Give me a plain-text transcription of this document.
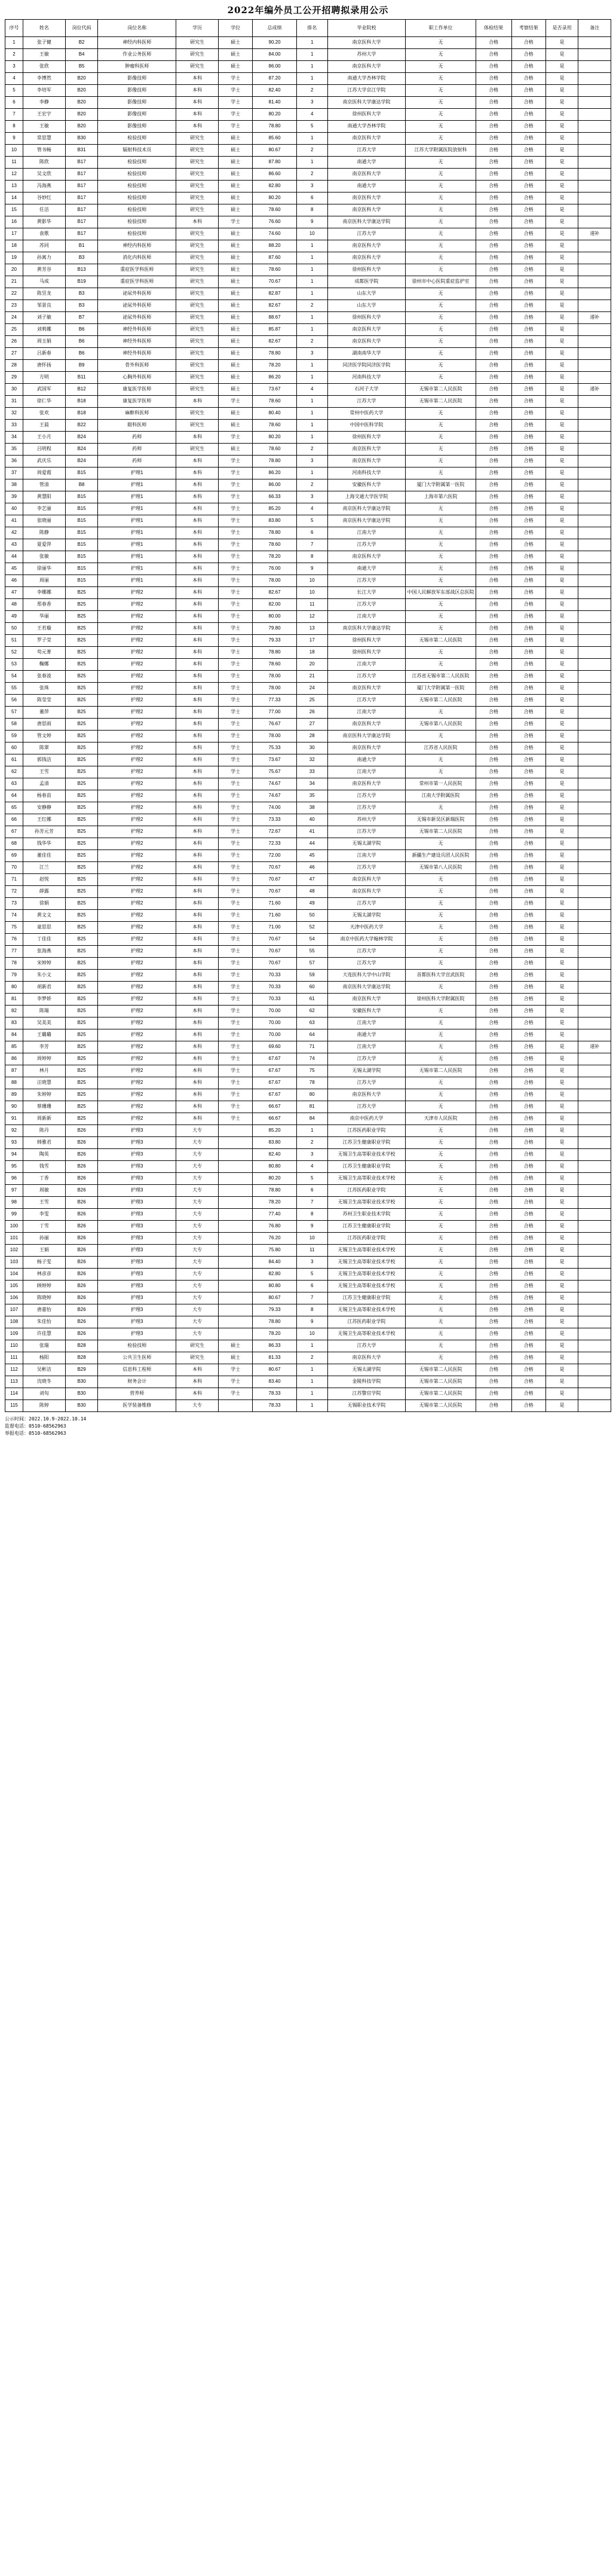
2022年编外员工公开招聘拟录用公示
序号	姓名	岗位代码	岗位名称	学历	学位	总成绩	排名	毕业院校	职工作单位	体检结果	考察结果	是否录用	备注
1	张子健	B2	神经内科医师	研究生	硕士	90.20	1	南京医科大学	无	合格	合格	是	
2	王敏	B4	作业公务医师	研究生	硕士	84.00	1	苏州大学	无	合格	合格	是	
3	张欣	B5	肿瘤科医师	研究生	硕士	86.00	1	南京医科大学	无	合格	合格	是	
4	李博然	B20	影像技师	本科	学士	87.20	1	南通大学杏林学院	无	合格	合格	是	
5	李培军	B20	影像技师	本科	学士	82.40	2	江苏大学京江学院	无	合格	合格	是	
6	李静	B20	影像技师	本科	学士	81.40	3	南京医科大学康达学院	无	合格	合格	是	
7	王宏宇	B20	影像技师	本科	学士	80.20	4	徐州医科大学	无	合格	合格	是	
8	王敏	B20	影像技师	本科	学士	78.80	5	南通大学杏林学院	无	合格	合格	是	
9	常思慧	B30	检验技师	研究生	硕士	85.60	1	南京医科大学	无	合格	合格	是	
10	管书畅	B31	辐射科技术员	研究生	硕士	80.67	2	江苏大学	江苏大学附属医院放射科	合格	合格	是	
11	陈欣	B17	检验技师	研究生	硕士	87.80	1	南通大学	无	合格	合格	是	
12	吴文欣	B17	检验技师	研究生	硕士	86.60	2	南京医科大学	无	合格	合格	是	
13	冯海燕	B17	检验技师	研究生	硕士	82.80	3	南通大学	无	合格	合格	是	
14	谷妙红	B17	检验技师	研究生	硕士	80.20	6	南京医科大学	无	合格	合格	是	
15	任洁	B17	检验技师	研究生	硕士	78.60	8	南京医科大学	无	合格	合格	是	
16	黄影华	B17	检验技师	本科	学士	76.60	9	南京医科大学康达学院	无	合格	合格	是	
17	袁歌	B17	检验技师	研究生	硕士	74.60	10	江苏大学	无	合格	合格	是	递补
18	苏同	B1	神经内科医师	研究生	硕士	88.20	1	南京医科大学	无	合格	合格	是	
19	孙寓力	B3	消化内科医师	研究生	硕士	87.60	1	南京医科大学	无	合格	合格	是	
20	黄芳谷	B13	重症医学科医师	研究生	硕士	78.60	1	徐州医科大学	无	合格	合格	是	
21	马成	B19	重症医学科医师	研究生	硕士	70.67	1	成都医学院	徐州市中心医院重症监护室	合格	合格	是	
22	陈昱龙	B3	泌尿外科医师	研究生	硕士	82.87	1	山东大学	无	合格	合格	是	
23	邹景良	B3	泌尿外科医师	研究生	硕士	82.67	2	山东大学	无	合格	合格	是	
24	刘子敏	B7	泌尿外科医师	研究生	硕士	88.67	1	徐州医科大学	无	合格	合格	是	递补
25	刘莉娜	B6	神经外科医师	研究生	硕士	85.87	1	南京医科大学	无	合格	合格	是	
26	周玉娟	B6	神经外科医师	研究生	硕士	82.67	2	南京医科大学	无	合格	合格	是	
27	吕新春	B6	神经外科医师	研究生	硕士	78.80	3	湖南南华大学	无	合格	合格	是	
28	唐怀扬	B9	骨外科医师	研究生	硕士	78.20	1	同济医学院同济医学院	无	合格	合格	是	
29	方明	B11	心胸外科医师	研究生	硕士	86.20	1	河南科技大学	无	合格	合格	是	
30	武国军	B12	康复医学医师	研究生	硕士	73.67	4	石河子大学	无锡市第二人民医院	合格	合格	是	递补
31	徐仁华	B18	康复医学医师	本科	学士	78.60	1	江苏大学	无锡市第二人民医院	合格	合格	是	
32	张欢	B18	麻醉科医师	研究生	硕士	80.40	1	常州中医药大学	无	合格	合格	是	
33	王晨	B22	眼科医师	研究生	硕士	78.60	1	中国中医科学院	无	合格	合格	是	
34	王小月	B24	药师	本科	学士	80.20	1	徐州医科大学	无	合格	合格	是	
35	吕明程	B24	药师	研究生	硕士	78.60	2	南京医科大学	无	合格	合格	是	
36	武庆乐	B24	药师	本科	学士	78.80	3	南京医科大学	无	合格	合格	是	
37	周爱霞	B15	护理1	本科	学士	86.20	1	河南科技大学	无	合格	合格	是	
38	管清	B8	护理1	本科	学士	86.00	2	安徽医科大学	厦门大学附属第一医院	合格	合格	是	
39	黄慧阳	B15	护理1	本科	学士	66.33	3	上海交通大学医学院	上海市第六医院	合格	合格	是	
40	李艺丽	B15	护理1	本科	学士	85.20	4	南京医科大学康达学院	无	合格	合格	是	
41	张晓丽	B15	护理1	本科	学士	83.80	5	南京医科大学康达学院	无	合格	合格	是	
42	陈静	B15	护理1	本科	学士	78.80	6	江南大学	无	合格	合格	是	
43	夏爱萍	B15	护理1	本科	学士	78.60	7	江苏大学	无	合格	合格	是	
44	张敏	B15	护理1	本科	学士	78.20	8	南京医科大学	无	合格	合格	是	
45	徐丽华	B15	护理1	本科	学士	76.00	9	南通大学	无	合格	合格	是	
46	周丽	B15	护理1	本科	学士	78.00	10	江苏大学	无	合格	合格	是	
47	李娜娜	B25	护理2	本科	学士	82.67	10	长江大学	中国人民解放军东部战区总医院	合格	合格	是	
48	郑春香	B25	护理2	本科	学士	82.00	11	江苏大学	无	合格	合格	是	
49	华丽	B25	护理2	本科	学士	80.00	12	江南大学	无	合格	合格	是	
50	王若璇	B25	护理2	本科	学士	79.80	13	南京医科大学康达学院	无	合格	合格	是	
51	罗子莹	B25	护理2	本科	学士	79.33	17	徐州医科大学	无锡市第二人民医院	合格	合格	是	
52	苟元菁	B25	护理2	本科	学士	78.80	18	徐州医科大学	无	合格	合格	是	
53	鞠娜	B25	护理2	本科	学士	78.60	20	江南大学	无	合格	合格	是	
54	张春波	B25	护理2	本科	学士	78.00	21	江苏大学	江苏省无锡市第二人民医院	合格	合格	是	
55	张珠	B25	护理2	本科	学士	78.00	24	南京医科大学	厦门大学附属第一医院	合格	合格	是	
56	陈莹莹	B25	护理2	本科	学士	77.33	25	江苏大学	无锡市第二人民医院	合格	合格	是	
57	董萍	B25	护理2	本科	学士	77.00	26	江南大学	无	合格	合格	是	
58	唐思雨	B25	护理2	本科	学士	76.67	27	南京医科大学	无锡市第八人民医院	合格	合格	是	
59	管文婷	B25	护理2	本科	学士	78.00	28	南京医科大学康达学院	无	合格	合格	是	
60	陈翠	B25	护理2	本科	学士	75.33	30	南京医科大学	江苏省人民医院	合格	合格	是	
61	郭钱洁	B25	护理2	本科	学士	73.67	32	南通大学	无	合格	合格	是	
62	王雪	B25	护理2	本科	学士	75.67	33	江南大学	无	合格	合格	是	
63	孟清	B25	护理2	本科	学士	74.67	34	南京医科大学	常州市第一人民医院	合格	合格	是	
64	杨春苗	B25	护理2	本科	学士	74.67	35	江苏大学	江南大学附属医院	合格	合格	是	
65	安静静	B25	护理2	本科	学士	74.00	38	江苏大学	无	合格	合格	是	
66	王红娜	B25	护理2	本科	学士	73.33	40	苏州大学	无锡市新吴区新瑞医院	合格	合格	是	
67	孙芳元芳	B25	护理2	本科	学士	72.67	41	江苏大学	无锡市第二人民医院	合格	合格	是	
68	钱华华	B25	护理2	本科	学士	72.33	44	无锡太湖学院	无	合格	合格	是	
69	董佳佳	B25	护理2	本科	学士	72.00	45	江南大学	新疆生产建设兵团人民医院	合格	合格	是	
70	江兰	B25	护理2	本科	学士	70.67	46	江苏大学	无锡市第八人民医院	合格	合格	是	
71	赵悦	B25	护理2	本科	学士	70.67	47	南京医科大学	无	合格	合格	是	
72	薛露	B25	护理2	本科	学士	70.67	48	南京医科大学	无	合格	合格	是	
73	徐娟	B25	护理2	本科	学士	71.60	49	江苏大学	无	合格	合格	是	
74	黄文文	B25	护理2	本科	学士	71.60	50	无锡太湖学院	无	合格	合格	是	
75	童思思	B25	护理2	本科	学士	71.00	52	天津中医药大学	无	合格	合格	是	
76	丁佳佳	B25	护理2	本科	学士	70.67	54	南京中医药大学翰林学院	无	合格	合格	是	
77	张海燕	B25	护理2	本科	学士	70.67	55	江苏大学	无	合格	合格	是	
78	宋婷婷	B25	护理2	本科	学士	70.67	57	江苏大学	无	合格	合格	是	
79	朱小文	B25	护理2	本科	学士	70.33	59	大连医科大学中山学院	首都医科大学宣武医院	合格	合格	是	
80	胡新君	B25	护理2	本科	学士	70.33	60	南京医科大学康达学院	无	合格	合格	是	
81	李梦娇	B25	护理2	本科	学士	70.33	61	南京医科大学	徐州医科大学附属医院	合格	合格	是	
82	陈瑞	B25	护理2	本科	学士	70.00	62	安徽医科大学	无	合格	合格	是	
83	吴美美	B25	护理2	本科	学士	70.00	63	江南大学	无	合格	合格	是	
84	王璐璐	B25	护理2	本科	学士	70.00	64	南通大学	无	合格	合格	是	
85	李芳	B25	护理2	本科	学士	69.60	71	江南大学	无	合格	合格	是	递补
86	周婷婷	B25	护理2	本科	学士	67.67	74	江苏大学	无	合格	合格	是	
87	林月	B25	护理2	本科	学士	67.67	75	无锡太湖学院	无锡市第二人民医院	合格	合格	是	
88	汪晓慧	B25	护理2	本科	学士	67.67	78	江苏大学	无	合格	合格	是	
89	朱婷婷	B25	护理2	本科	学士	67.67	80	南京医科大学	无	合格	合格	是	
90	蔡珊珊	B25	护理2	本科	学士	66.67	81	江苏大学	无	合格	合格	是	
91	周新新	B25	护理2	本科	学士	66.67	84	南京中医药大学	天津市人民医院	合格	合格	是	
92	陈丹	B26	护理3	大专		85.20	1	江苏医药职业学院	无	合格	合格	是	
93	韩雅君	B26	护理3	大专		83.80	2	江苏卫生健康职业学院	无	合格	合格	是	
94	陶英	B26	护理3	大专		82.40	3	无锡卫生高等职业技术学校	无	合格	合格	是	
95	钱雪	B26	护理3	大专		80.80	4	江苏卫生健康职业学院	无	合格	合格	是	
96	丁香	B26	护理3	大专		80.20	5	无锡卫生高等职业技术学校	无	合格	合格	是	
97	周敏	B26	护理3	大专		78.80	6	江苏医药职业学院	无	合格	合格	是	
98	王雪	B26	护理3	大专		78.20	7	无锡卫生高等职业技术学校	无	合格	合格	是	
99	李雯	B26	护理3	大专		77.40	8	苏州卫生职业技术学院	无	合格	合格	是	
100	丁雪	B26	护理3	大专		76.80	9	江苏卫生健康职业学院	无	合格	合格	是	
101	孙丽	B26	护理3	大专		76.20	10	江苏医药职业学院	无	合格	合格	是	
102	王娟	B26	护理3	大专		75.80	11	无锡卫生高等职业技术学校	无	合格	合格	是	
103	杨子雯	B26	护理3	大专		84.40	3	无锡卫生高等职业技术学校	无	合格	合格	是	
104	林彦彦	B26	护理3	大专		82.80	5	无锡卫生高等职业技术学校	无	合格	合格	是	
105	顾婷婷	B26	护理3	大专		80.80	6	无锡卫生高等职业技术学校	无	合格	合格	是	
106	陈晓婷	B26	护理3	大专		80.67	7	江苏卫生健康职业学院	无	合格	合格	是	
107	唐嘉怡	B26	护理3	大专		79.33	8	无锡卫生高等职业技术学校	无	合格	合格	是	
108	朱佳怡	B26	护理3	大专		78.80	9	江苏医药职业学院	无	合格	合格	是	
109	许佳慧	B26	护理3	大专		78.20	10	无锡卫生高等职业技术学校	无	合格	合格	是	
110	张瑞	B28	检验技师	研究生	硕士	86.33	1	江苏大学	无	合格	合格	是	
111	杨阳	B28	公共卫生医师	研究生	硕士	81.33	2	南京医科大学	无	合格	合格	是	
112	吴彬洁	B29	信息科工程师	本科	学士	80.67	1	无锡太湖学院	无锡市第二人民医院	合格	合格	是	
113	沈晓冬	B30	财务会计	本科	学士	83.40	1	金陵科技学院	无锡市第二人民医院	合格	合格	是	
114	刘旬	B30	营养师	本科	学士	78.33	1	江苏警官学院	无锡市第二人民医院	合格	合格	是	
115	陈婷	B30	医学装备维修	大专		78.33	1	无锡职业技术学院	无锡市第二人民医院	合格	合格	是	
公示时间：2022.10.9-2022.10.14
监督电话：0510-68562963
举报电话：0510-68562963
